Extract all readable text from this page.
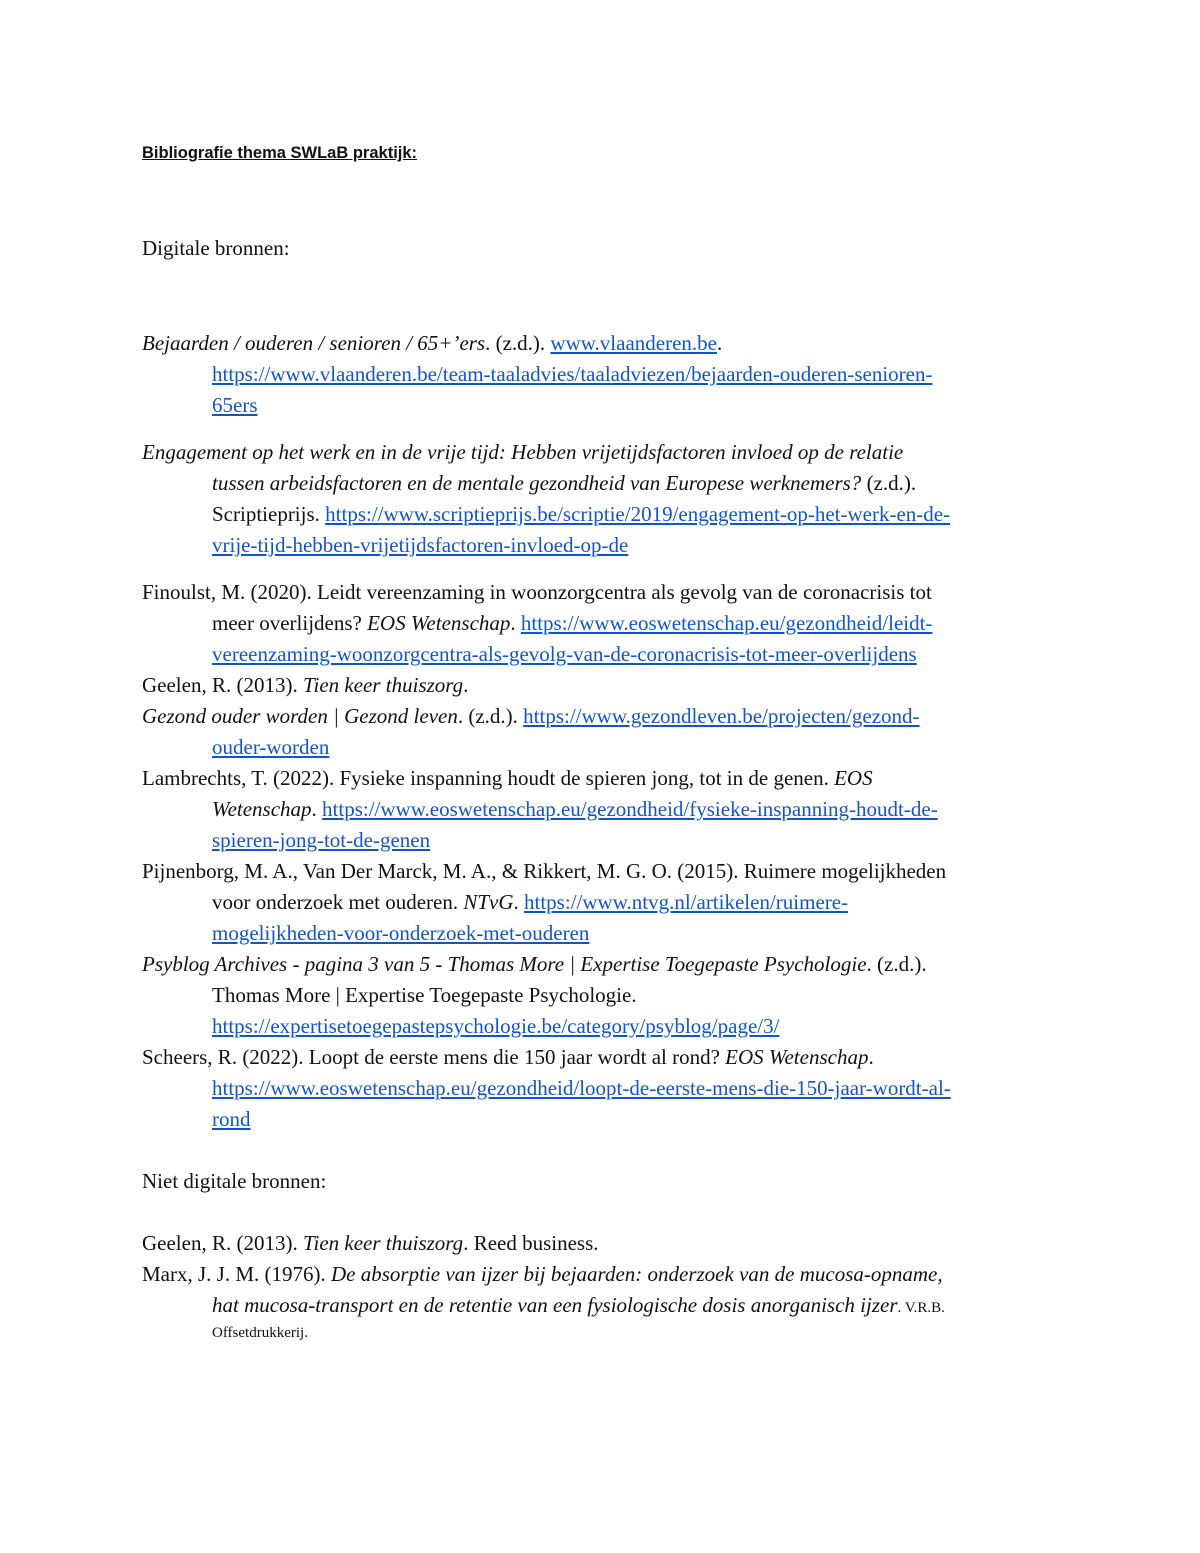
Bibliografie thema SWLaB praktijk:
Digitale bronnen:
Bejaarden / ouderen / senioren / 65+’ers. (z.d.). www.vlaanderen.be.
https://www.vlaanderen.be/team-taaladvies/taaladviezen/bejaarden-ouderen-senioren-
65ers
Engagement op het werk en in de vrije tijd: Hebben vrijetijdsfactoren invloed op de relatie
tussen arbeidsfactoren en de mentale gezondheid van Europese werknemers? (z.d.).
Scriptieprijs. https://www.scriptieprijs.be/scriptie/2019/engagement-op-het-werk-en-de-
vrije-tijd-hebben-vrijetijdsfactoren-invloed-op-de
Finoulst, M. (2020). Leidt vereenzaming in woonzorgcentra als gevolg van de coronacrisis tot
meer overlijdens? EOS Wetenschap. https://www.eoswetenschap.eu/gezondheid/leidt-
vereenzaming-woonzorgcentra-als-gevolg-van-de-coronacrisis-tot-meer-overlijdens
Geelen, R. (2013). Tien keer thuiszorg.
Gezond ouder worden | Gezond leven. (z.d.). https://www.gezondleven.be/projecten/gezond-
ouder-worden
Lambrechts, T. (2022). Fysieke inspanning houdt de spieren jong, tot in de genen. EOS
Wetenschap. https://www.eoswetenschap.eu/gezondheid/fysieke-inspanning-houdt-de-
spieren-jong-tot-de-genen
Pijnenborg, M. A., Van Der Marck, M. A., & Rikkert, M. G. O. (2015). Ruimere mogelijkheden
voor onderzoek met ouderen. NTvG. https://www.ntvg.nl/artikelen/ruimere-
mogelijkheden-voor-onderzoek-met-ouderen
Psyblog Archives - pagina 3 van 5 - Thomas More | Expertise Toegepaste Psychologie. (z.d.).
Thomas More | Expertise Toegepaste Psychologie.
https://expertisetoegepastepsychologie.be/category/psyblog/page/3/
Scheers, R. (2022). Loopt de eerste mens die 150 jaar wordt al rond? EOS Wetenschap.
https://www.eoswetenschap.eu/gezondheid/loopt-de-eerste-mens-die-150-jaar-wordt-al-
rond
Niet digitale bronnen:
Geelen, R. (2013). Tien keer thuiszorg. Reed business.
Marx, J. J. M. (1976). De absorptie van ijzer bij bejaarden: onderzoek van de mucosa-opname,
hat mucosa-transport en de retentie van een fysiologische dosis anorganisch ijzer. V.R.B.
Offsetdrukkerij.
